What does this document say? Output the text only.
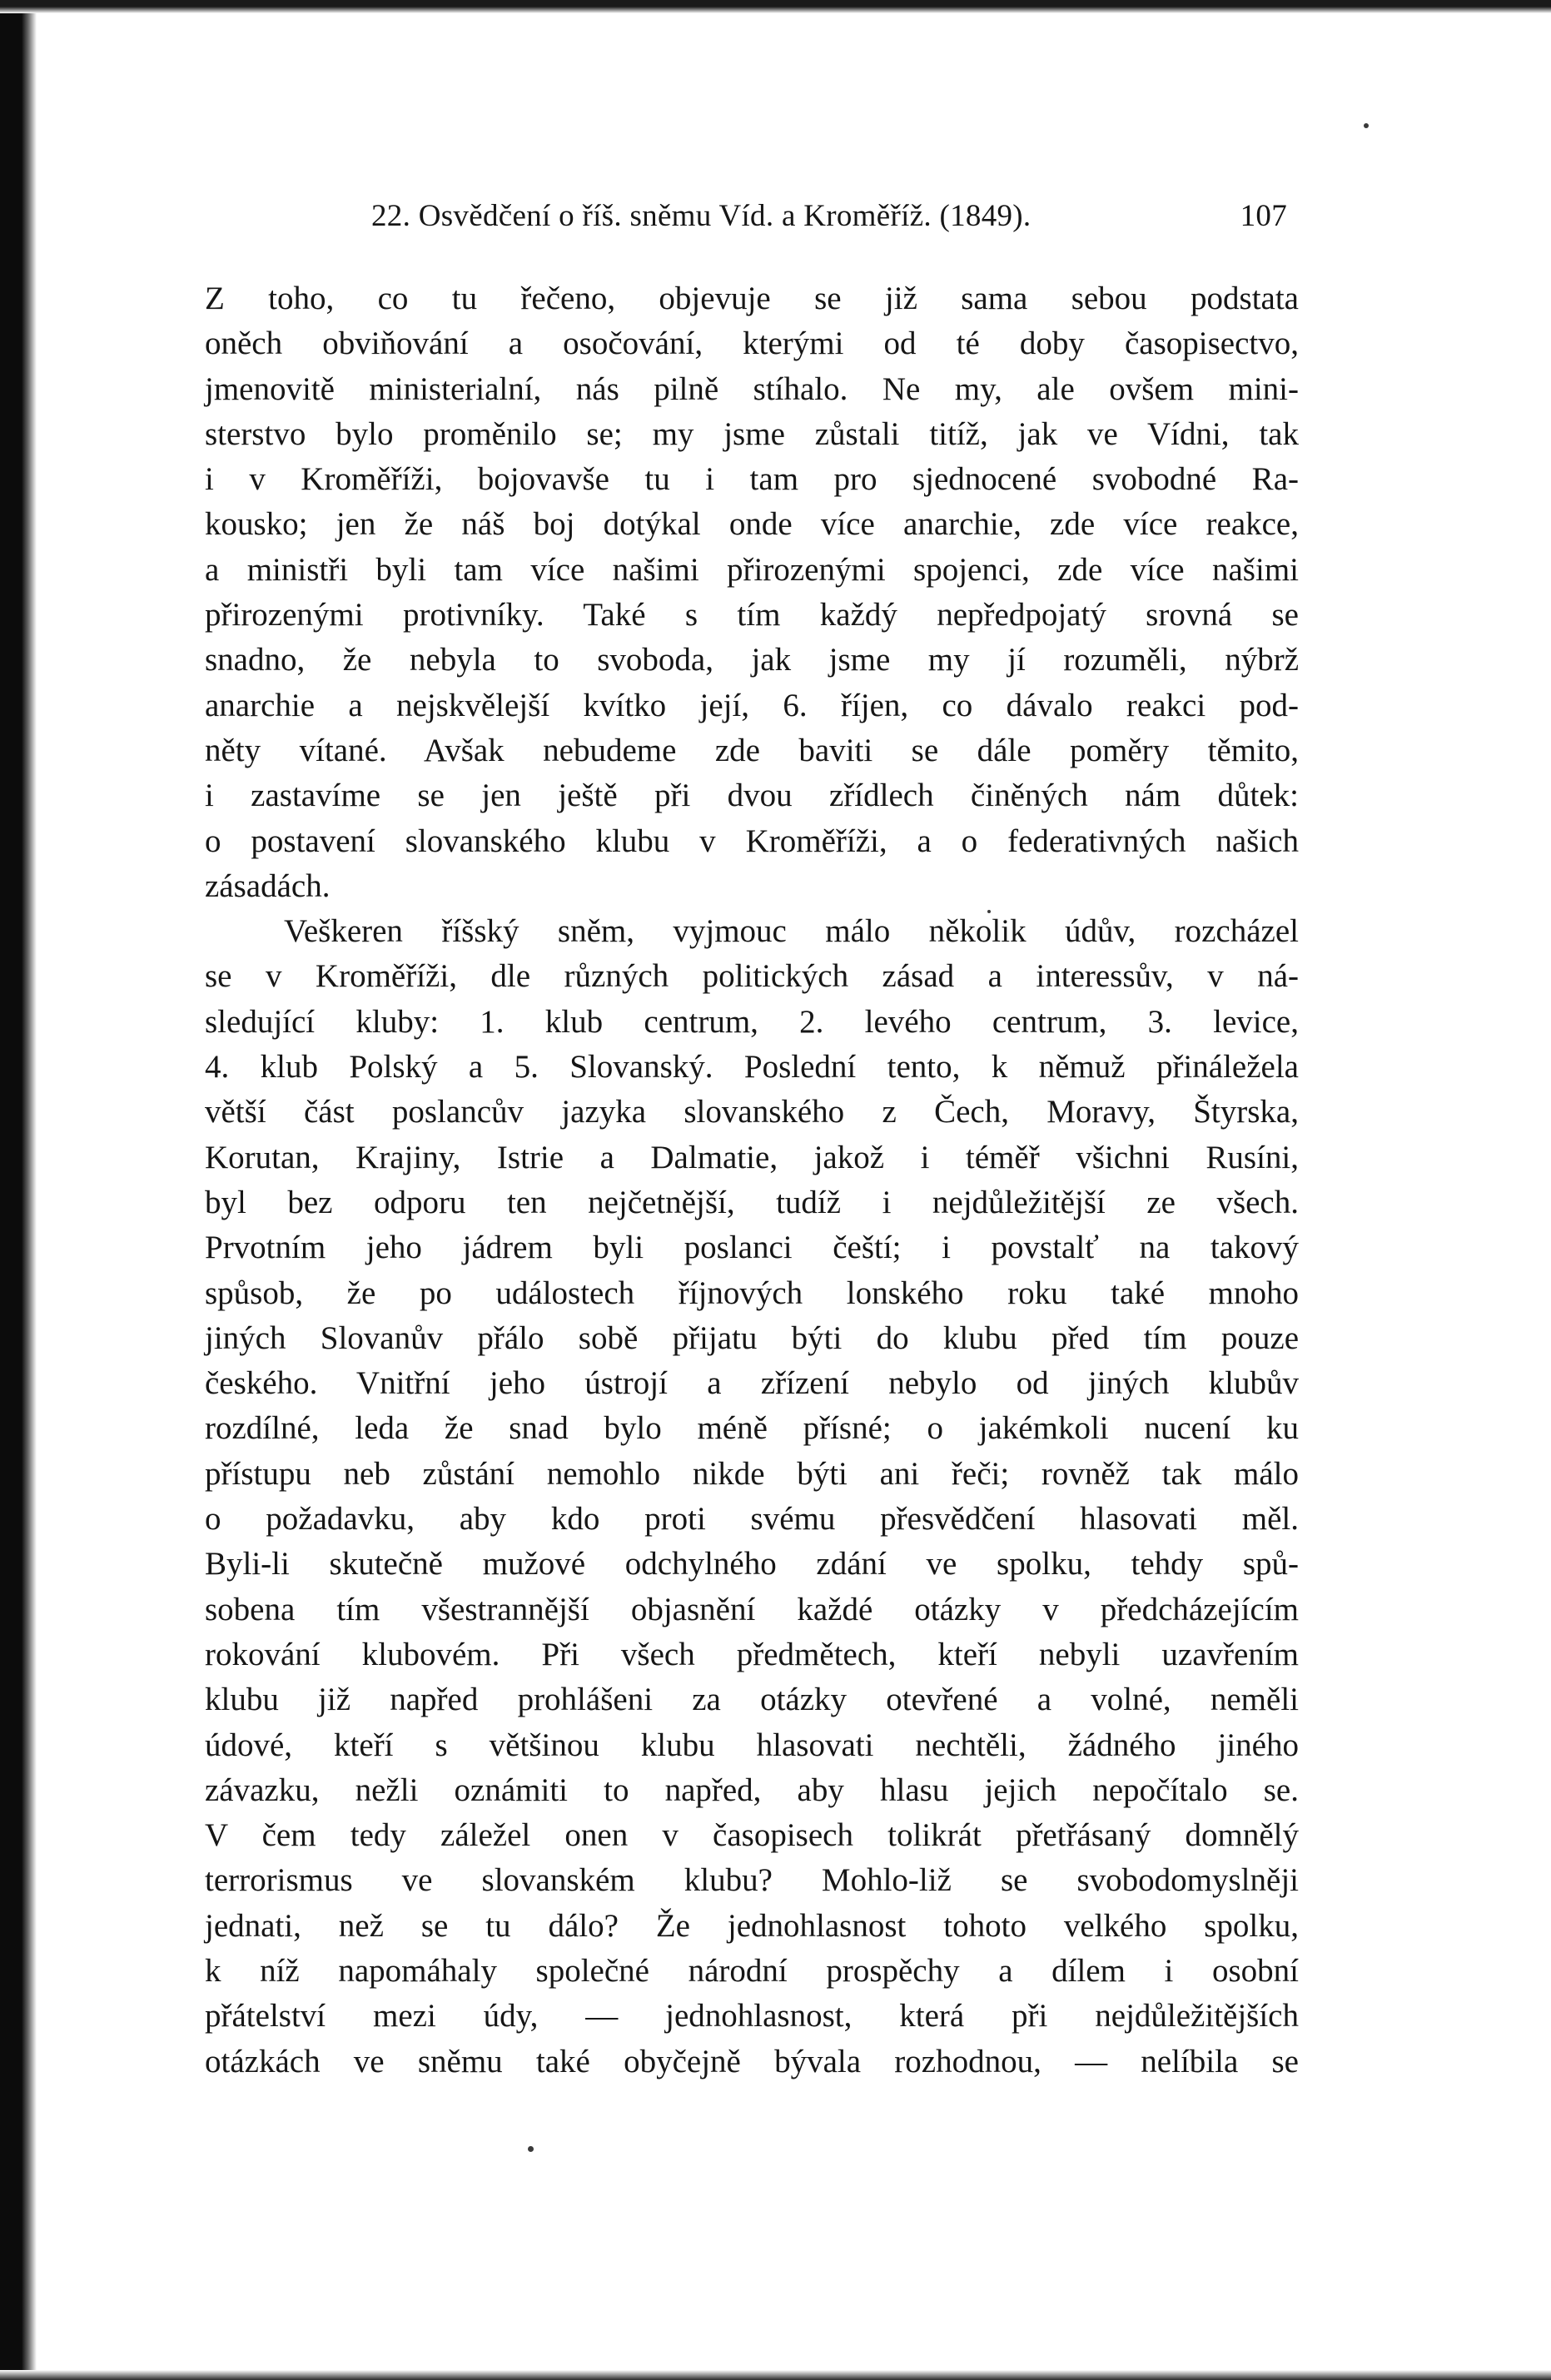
22. Osvědčení o říš. sněmu Víd. a Kroměříž. (1849).	107
Z toho, co tu řečeno, objevuje se již sama sebou podstata
oněch obviňování a osočování, kterými od té doby časopisectvo,
jmenovitě ministerialní, nás pilně stíhalo. Ne my, ale ovšem mini-
sterstvo bylo proměnilo se; my jsme zůstali titíž, jak ve Vídni, tak
i v Kroměříži, bojovavše tu i tam pro sjednocené svobodné Ra-
kousko; jen že náš boj dotýkal onde více anarchie, zde více reakce,
a ministři byli tam více našimi přirozenými spojenci, zde více našimi
přirozenými protivníky. Také s tím každý nepředpojatý srovná se
snadno, že nebyla to svoboda, jak jsme my jí rozuměli, nýbrž
anarchie a nejskvělejší kvítko její, 6. říjen, co dávalo reakci pod-
něty vítané. Avšak nebudeme zde baviti se dále poměry těmito,
i zastavíme se jen ještě při dvou zřídlech činěných nám důtek:
o postavení slovanského klubu v Kroměříži, a o federativných našich
zásadách.
Veškeren říšský sněm, vyjmouc málo několik údův, rozcházel
se v Kroměříži, dle různých politických zásad a interessův, v ná-
sledující kluby: 1. klub centrum, 2. levého centrum, 3. levice,
4. klub Polský a 5. Slovanský. Poslední tento, k němuž přináležela
větší část poslancův jazyka slovanského z Čech, Moravy, Štyrska,
Korutan, Krajiny, Istrie a Dalmatie, jakož i téměř všichni Rusíni,
byl bez odporu ten nejčetnější, tudíž i nejdůležitější ze všech.
Prvotním jeho jádrem byli poslanci čeští; i povstalť na takový
spůsob, že po událostech říjnových lonského roku také mnoho
jiných Slovanův přálo sobě přijatu býti do klubu před tím pouze
českého. Vnitřní jeho ústrojí a zřízení nebylo od jiných klubův
rozdílné, leda že snad bylo méně přísné; o jakémkoli nucení ku
přístupu neb zůstání nemohlo nikde býti ani řeči; rovněž tak málo
o požadavku, aby kdo proti svému přesvědčení hlasovati měl.
Byli-li skutečně mužové odchylného zdání ve spolku, tehdy spů-
sobena tím všestrannější objasnění každé otázky v předcházejícím
rokování klubovém. Při všech předmětech, kteří nebyli uzavřením
klubu již napřed prohlášeni za otázky otevřené a volné, neměli
údové, kteří s většinou klubu hlasovati nechtěli, žádného jiného
závazku, nežli oznámiti to napřed, aby hlasu jejich nepočítalo se.
V čem tedy záležel onen v časopisech tolikrát přetřásaný domnělý
terrorismus ve slovanském klubu? Mohlo-liž se svobodomyslněji
jednati, než se tu dálo? Že jednohlasnost tohoto velkého spolku,
k níž napomáhaly společné národní prospěchy a dílem i osobní
přátelství mezi údy, — jednohlasnost, která při nejdůležitějších
otázkách ve sněmu také obyčejně bývala rozhodnou, — nelíbila se
